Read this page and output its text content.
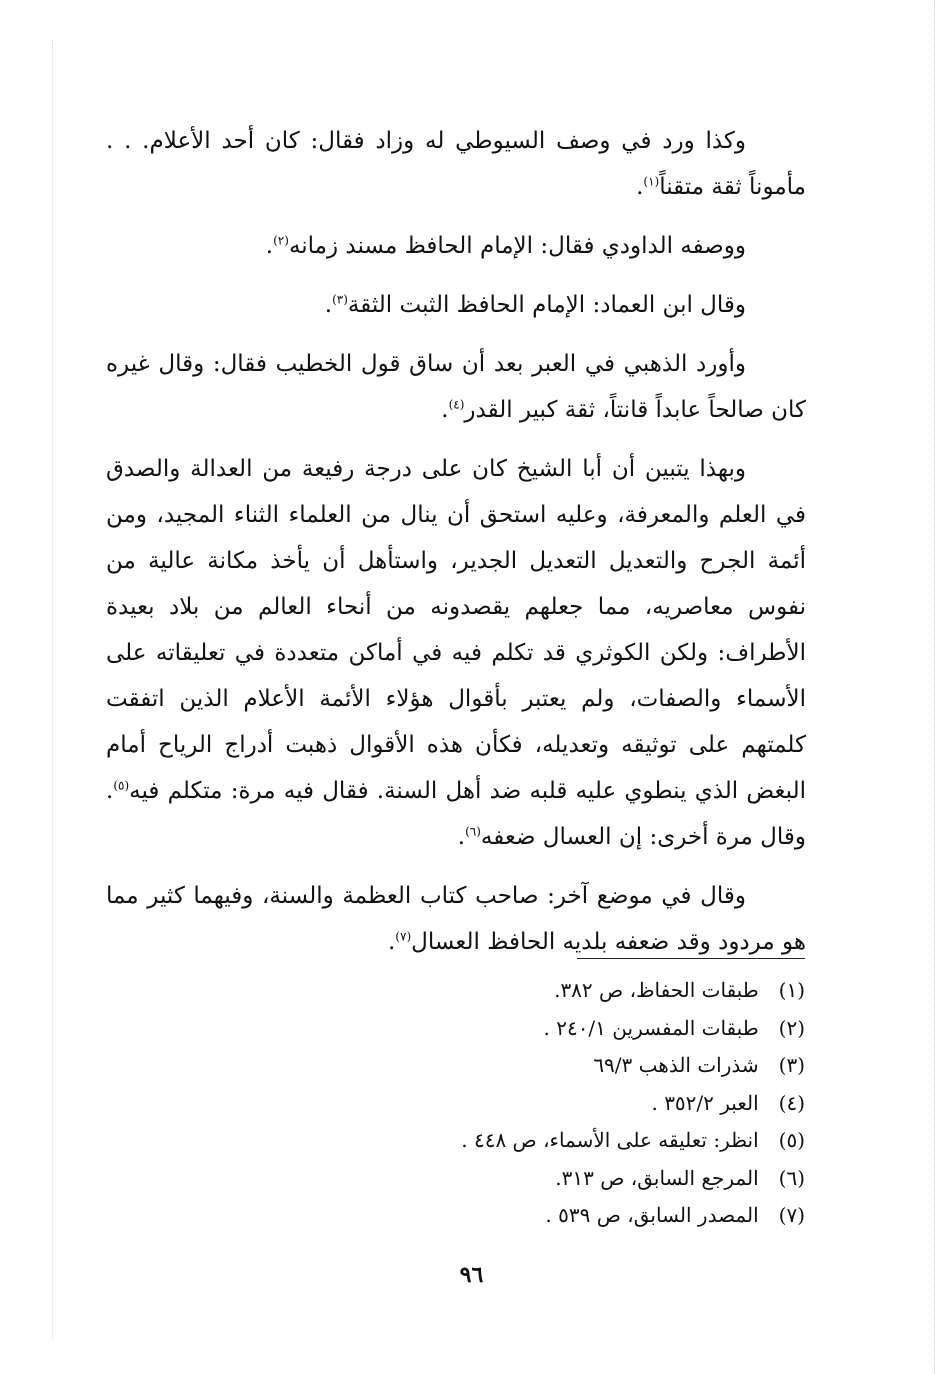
وكذا ورد في وصف السيوطي له وزاد فقال: كان أحد الأعلام. . . مأموناً ثقة متقناً$^{(١)}$.

ووصفه الداودي فقال: الإمام الحافظ مسند زمانه$^{(٢)}$.

وقال ابن العماد: الإمام الحافظ الثبت الثقة$^{(٣)}$.

وأورد الذهبي في العبر بعد أن ساق قول الخطيب فقال: وقال غيره كان صالحاً عابداً قانتاً، ثقة كبير القدر$^{(٤)}$.

وبهذا يتبين أن أبا الشيخ كان على درجة رفيعة من العدالة والصدق في العلم والمعرفة، وعليه استحق أن ينال من العلماء الثناء المجيد، ومن أئمة الجرح والتعديل التعديل الجدير، واستأهل أن يأخذ مكانة عالية من نفوس معاصريه، مما جعلهم يقصدونه من أنحاء العالم من بلاد بعيدة الأطراف: ولكن الكوثري قد تكلم فيه في أماكن متعددة في تعليقاته على الأسماء والصفات، ولم يعتبر بأقوال هؤلاء الأئمة الأعلام الذين اتفقت كلمتهم على توثيقه وتعديله، فكأن هذه الأقوال ذهبت أدراج الرياح أمام البغض الذي ينطوي عليه قلبه ضد أهل السنة. فقال فيه مرة: متكلم فيه$^{(٥)}$. وقال مرة أخرى: إن العسال ضعفه$^{(٦)}$.

وقال في موضع آخر: صاحب كتاب العظمة والسنة، وفيهما كثير مما هو مردود وقد ضعفه بلديه الحافظ العسال$^{(٧)}$.

(١) طبقات الحفاظ، ص ٣٨٢.
(٢) طبقات المفسرين ٢٤٠/١ .
(٣) شذرات الذهب ٦٩/٣
(٤) العبر ٣٥٢/٢ .
(٥) انظر: تعليقه على الأسماء، ص ٤٤٨ .
(٦) المرجع السابق، ص ٣١٣.
(٧) المصدر السابق، ص ٥٣٩ .
٩٦
